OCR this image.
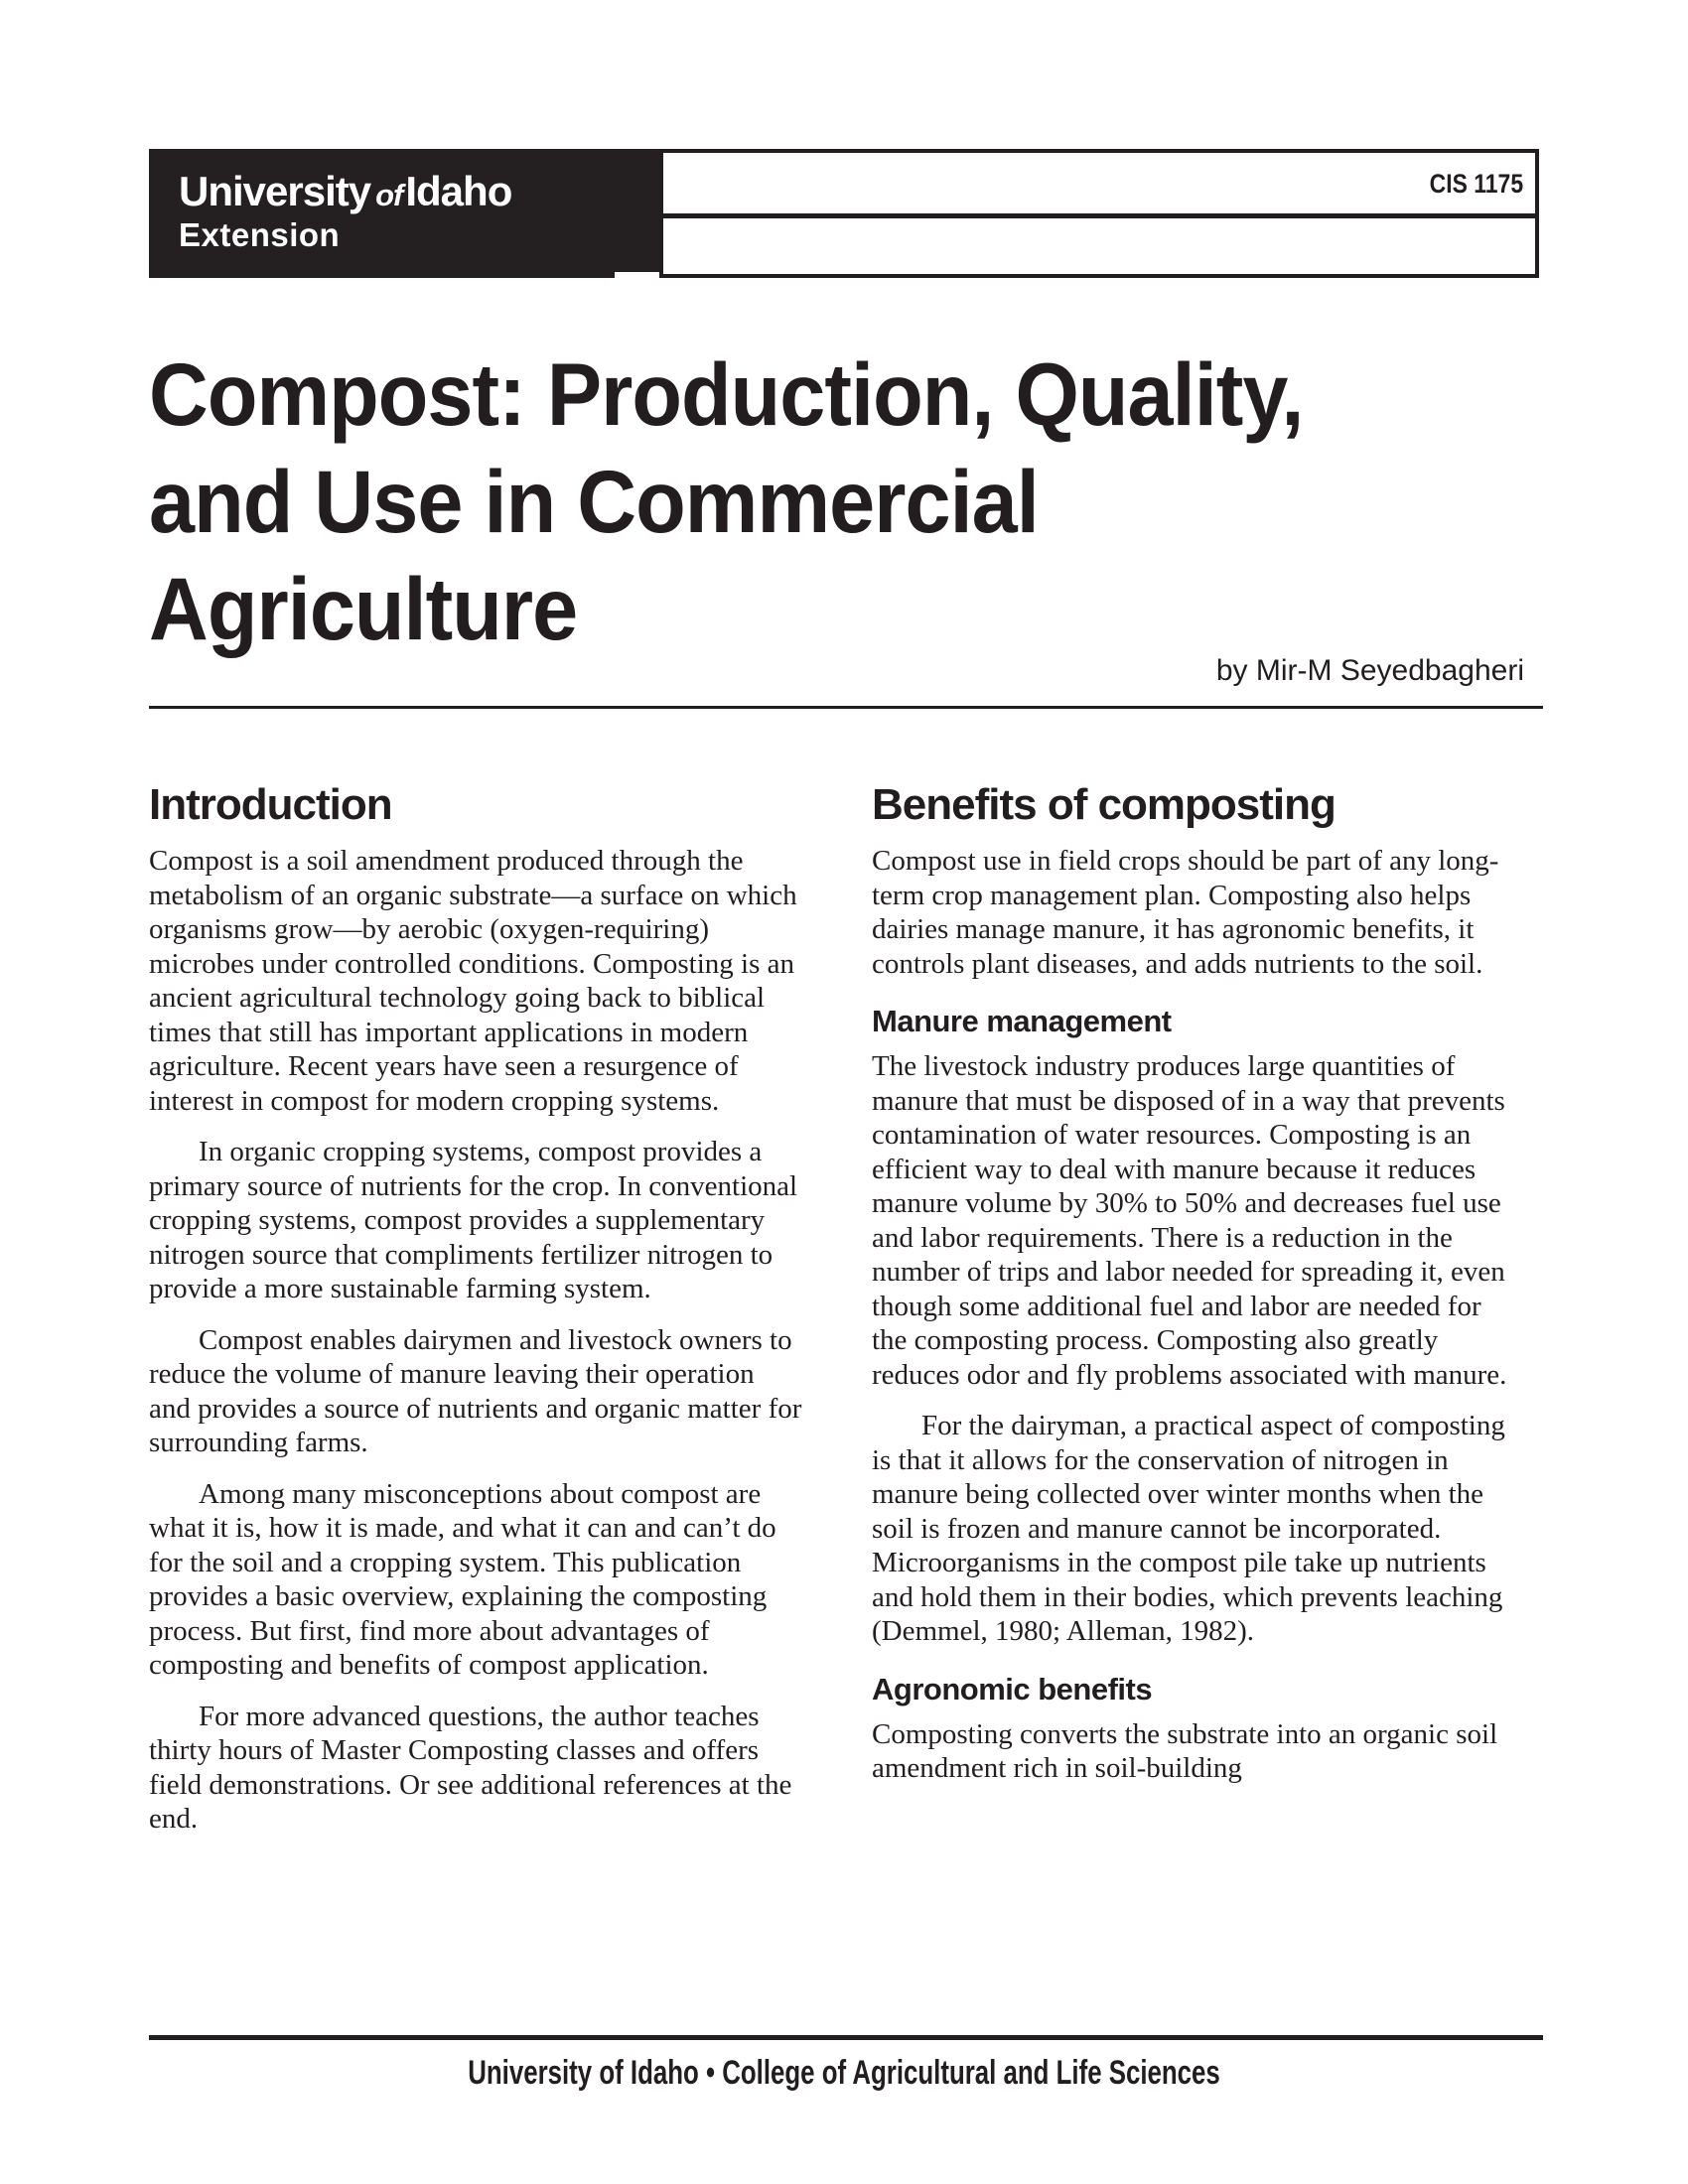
University ofIdaho
Extension
CIS 1175
Compost: Production, Quality,
and Use in Commercial
Agriculture
by Mir-M Seyedbagheri
Introduction

Compost is a soil amendment produced through the metabolism of an organic substrate—a surface on which organisms grow—by aerobic (oxygen-requiring) microbes under controlled conditions. Composting is an ancient agricultural technology going back to biblical times that still has important applications in modern agriculture. Recent years have seen a resurgence of interest in compost for modern cropping systems.

In organic cropping systems, compost provides a primary source of nutrients for the crop. In conventional cropping systems, compost provides a supplementary nitrogen source that compliments fertilizer nitrogen to provide a more sustainable farming system.

Compost enables dairymen and livestock owners to reduce the volume of manure leaving their operation and provides a source of nutrients and organic matter for surrounding farms.

Among many misconceptions about compost are what it is, how it is made, and what it can and can’t do for the soil and a cropping system. This publication provides a basic overview, explaining the composting process. But first, find more about advantages of composting and benefits of compost application.

For more advanced questions, the author teaches thirty hours of Master Composting classes and offers field demonstrations. Or see additional references at the end.

Benefits of composting

Compost use in field crops should be part of any long-term crop management plan. Composting also helps dairies manage manure, it has agronomic benefits, it controls plant diseases, and adds nutrients to the soil.

Manure management

The livestock industry produces large quantities of manure that must be disposed of in a way that prevents contamination of water resources. Composting is an efficient way to deal with manure because it reduces manure volume by 30% to 50% and decreases fuel use and labor requirements. There is a reduction in the number of trips and labor needed for spreading it, even though some additional fuel and labor are needed for the composting process. Composting also greatly reduces odor and fly problems associated with manure.

For the dairyman, a practical aspect of composting is that it allows for the conservation of nitrogen in manure being collected over winter months when the soil is frozen and manure cannot be incorporated. Microorganisms in the compost pile take up nutrients and hold them in their bodies, which prevents leaching (Demmel, 1980; Alleman, 1982).

Agronomic benefits

Composting converts the substrate into an organic soil amendment rich in soil-building

University of Idaho • College of Agricultural and Life Sciences
